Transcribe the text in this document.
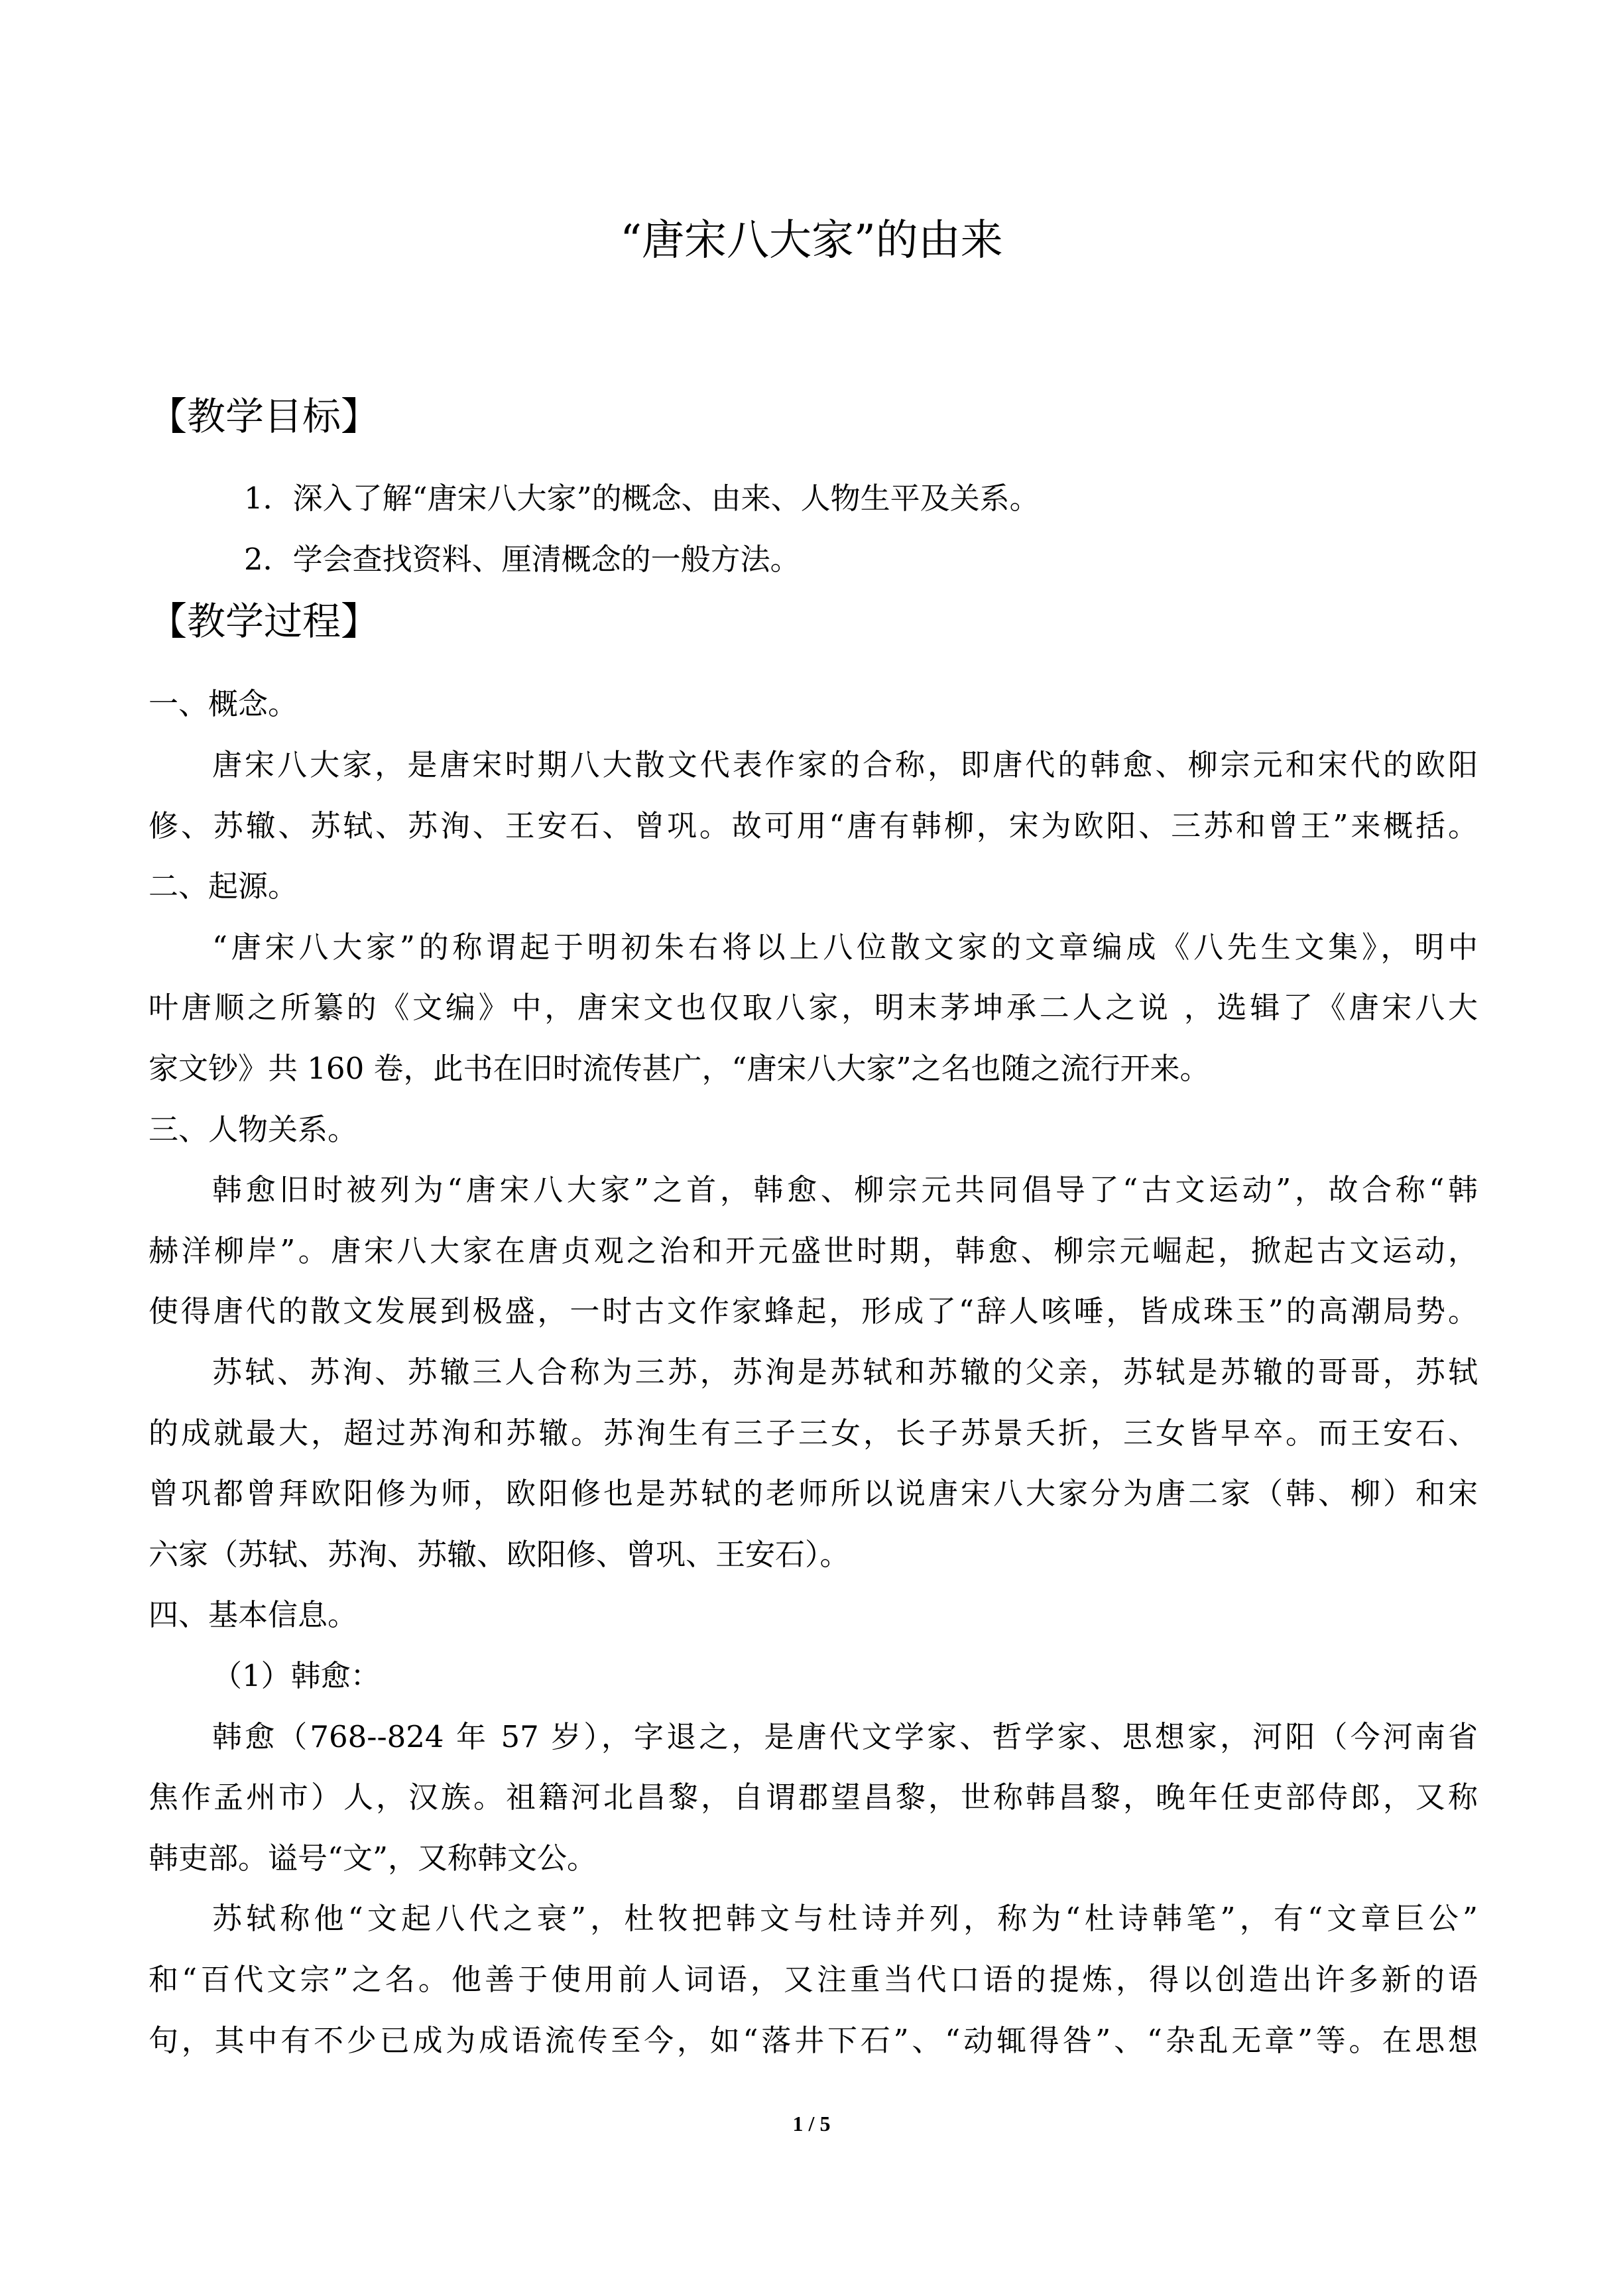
“唐宋八大家”的由来
【教学目标】

1．深入了解“唐宋八大家”的概念、由来、人物生平及关系。

2．学会查找资料、厘清概念的一般方法。

【教学过程】

一、概念。

唐宋八大家，是唐宋时期八大散文代表作家的合称，即唐代的韩愈、柳宗元和宋代的欧阳

修、苏辙、苏轼、苏洵、王安石、曾巩。故可用“唐有韩柳，宋为欧阳、三苏和曾王”来概括。

二、起源。

“唐宋八大家”的称谓起于明初朱右将以上八位散文家的文章编成《八先生文集》，明中

叶唐顺之所纂的《文编》中，唐宋文也仅取八家，明末茅坤承二人之说 ，选辑了《唐宋八大

家文钞》共 160 卷，此书在旧时流传甚广，“唐宋八大家”之名也随之流行开来。

三、人物关系。

韩愈旧时被列为“唐宋八大家”之首，韩愈、柳宗元共同倡导了“古文运动”，故合称“韩

赫洋柳岸”。唐宋八大家在唐贞观之治和开元盛世时期，韩愈、柳宗元崛起，掀起古文运动，

使得唐代的散文发展到极盛，一时古文作家蜂起，形成了“辞人咳唾，皆成珠玉”的高潮局势。

苏轼、苏洵、苏辙三人合称为三苏，苏洵是苏轼和苏辙的父亲，苏轼是苏辙的哥哥，苏轼

的成就最大，超过苏洵和苏辙。苏洵生有三子三女，长子苏景夭折，三女皆早卒。而王安石、

曾巩都曾拜欧阳修为师，欧阳修也是苏轼的老师所以说唐宋八大家分为唐二家（韩、柳）和宋

六家（苏轼、苏洵、苏辙、欧阳修、曾巩、王安石）。

四、基本信息。

（1）韩愈：

韩愈（768--824 年 57 岁），字退之，是唐代文学家、哲学家、思想家，河阳（今河南省

焦作孟州市）人，汉族。祖籍河北昌黎，自谓郡望昌黎，世称韩昌黎，晚年任吏部侍郎，又称

韩吏部。谥号“文”，又称韩文公。

苏轼称他“文起八代之衰”，杜牧把韩文与杜诗并列，称为“杜诗韩笔”，有“文章巨公”

和“百代文宗”之名。他善于使用前人词语，又注重当代口语的提炼，得以创造出许多新的语

句，其中有不少已成为成语流传至今，如“落井下石”、“动辄得咎”、“杂乱无章”等。在思想

1 / 5
